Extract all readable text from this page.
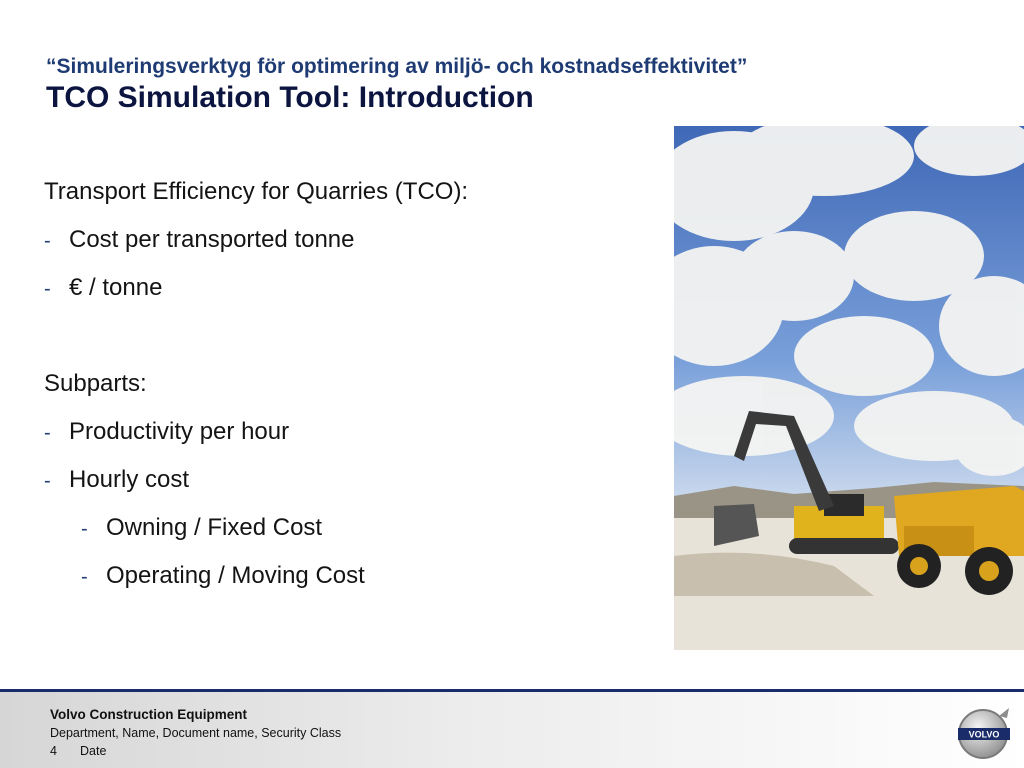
“Simuleringsverktyg för optimering av miljö- och kostnadseffektivitet”
TCO Simulation Tool: Introduction
Transport Efficiency for Quarries (TCO):
- Cost per transported tonne
- € / tonne
Subparts:
- Productivity per hour
- Hourly cost
- Owning / Fixed Cost
- Operating / Moving Cost
Volvo Construction Equipment
Department, Name, Document name, Security Class
4	Date
VOLVO
